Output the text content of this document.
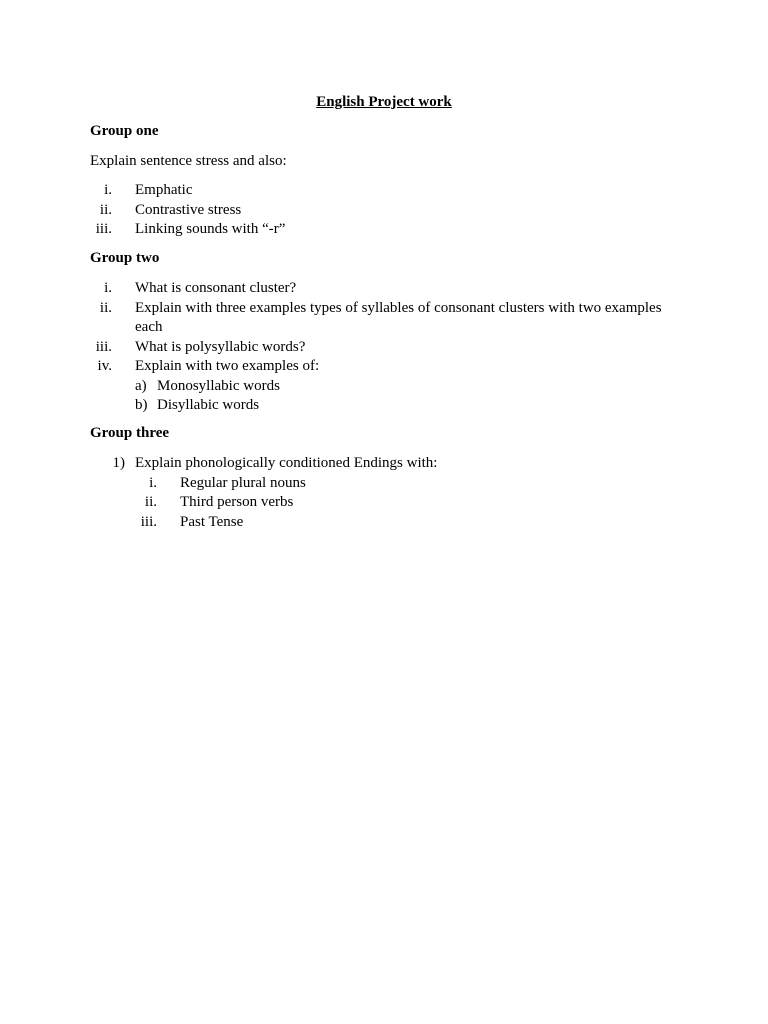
English Project work
Group one
Explain sentence stress and also:
i. Emphatic
ii. Contrastive stress
iii. Linking sounds with “-r”
Group two
i. What is consonant cluster?
ii. Explain with three examples types of syllables of consonant clusters with two examples each
iii. What is polysyllabic words?
iv. Explain with two examples of:
a) Monosyllabic words
b) Disyllabic words
Group three
1) Explain phonologically conditioned Endings with:
i. Regular plural nouns
ii. Third person verbs
iii. Past Tense
